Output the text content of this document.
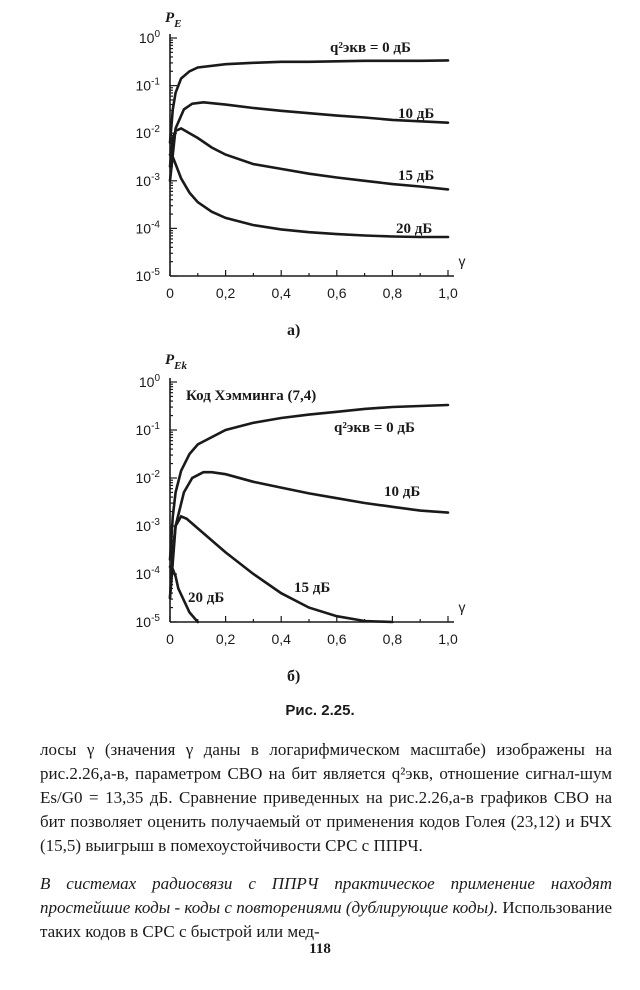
$10^0$
$10^{-1}$
$10^{-2}$
$10^{-3}$
$10^{-4}$
$10^{-5}$
0	0,2	0,4	0,6	0,8	1,0
γ
$P_E$
q²экв = 0 дБ
10 дБ
15 дБ
20 дБ
а)
$10^0$
$10^{-1}$
$10^{-2}$
$10^{-3}$
$10^{-4}$
$10^{-5}$
0	0,2	0,4	0,6	0,8	1,0
γ
$P_{Ek}$
q²экв = 0 дБ
10 дБ
15 дБ
20 дБ
Код Хэмминга (7,4)
б)
Рис. 2.25.

лосы γ (значения γ даны в логарифмическом масштабе) изображены на рис.2.26,а-в, параметром СВО на бит является q²экв, отношение сигнал-шум Es/G0 = 13,35 дБ. Сравнение приведенных на рис.2.26,а-в графиков СВО на бит позволяет оценить получаемый от применения кодов Голея (23,12) и БЧХ (15,5) выигрыш в помехоустойчивости СРС с ППРЧ.

В системах радиосвязи с ППРЧ практическое применение находят простейшие коды - коды с повторениями (дублирующие коды). Использование таких кодов в СРС с быстрой или мед-

118
